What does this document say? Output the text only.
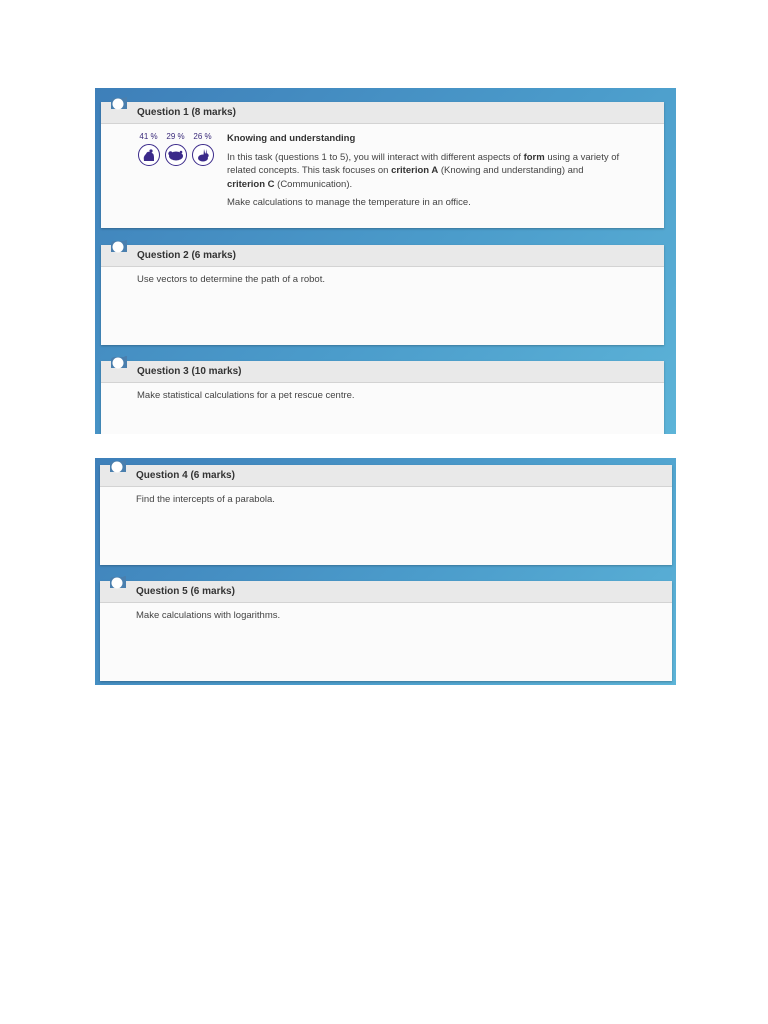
Question 1 (8 marks)
41 % 29 % 26 % Knowing and understanding

In this task (questions 1 to 5), you will interact with different aspects of form using a variety of related concepts. This task focuses on criterion A (Knowing and understanding) and
criterion C (Communication).

Make calculations to manage the temperature in an office.

Question 2 (6 marks)
Use vectors to determine the path of a robot.
Question 3 (10 marks)
Make statistical calculations for a pet rescue centre.
Question 4 (6 marks)
Find the intercepts of a parabola.
Question 5 (6 marks)
Make calculations with logarithms.
